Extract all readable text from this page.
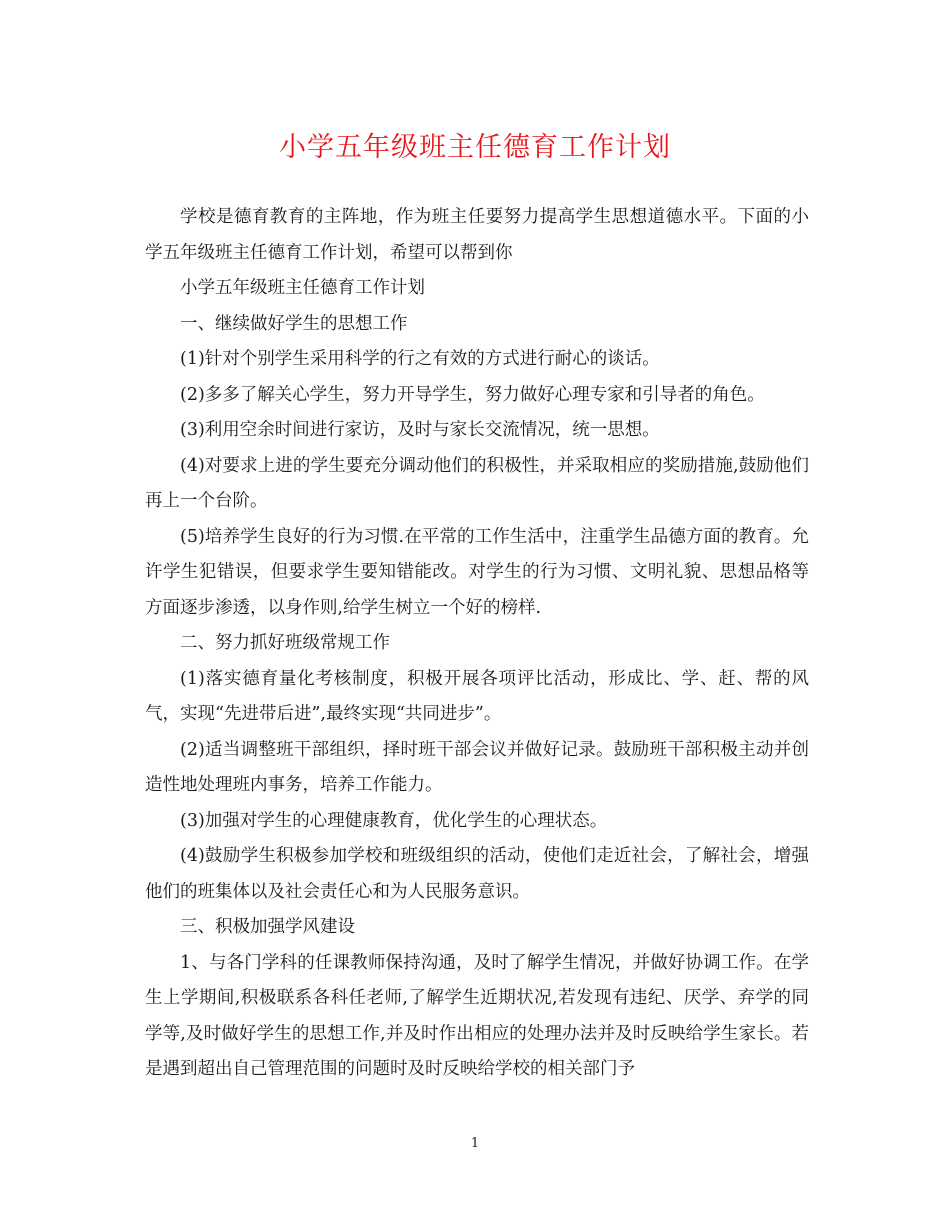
小学五年级班主任德育工作计划

学校是德育教育的主阵地，作为班主任要努力提高学生思想道德水平。下面的小学五年级班主任德育工作计划，希望可以帮到你

小学五年级班主任德育工作计划

一、继续做好学生的思想工作

(1)针对个别学生采用科学的行之有效的方式进行耐心的谈话。

(2)多多了解关心学生，努力开导学生，努力做好心理专家和引导者的角色。

(3)利用空余时间进行家访，及时与家长交流情况，统一思想。

(4)对要求上进的学生要充分调动他们的积极性，并采取相应的奖励措施,鼓励他们再上一个台阶。

(5)培养学生良好的行为习惯.在平常的工作生活中，注重学生品德方面的教育。允许学生犯错误，但要求学生要知错能改。对学生的行为习惯、文明礼貌、思想品格等方面逐步渗透，以身作则,给学生树立一个好的榜样.

二、努力抓好班级常规工作

(1)落实德育量化考核制度，积极开展各项评比活动，形成比、学、赶、帮的风气，实现“先进带后进”,最终实现“共同进步”。

(2)适当调整班干部组织，择时班干部会议并做好记录。鼓励班干部积极主动并创造性地处理班内事务，培养工作能力。

(3)加强对学生的心理健康教育，优化学生的心理状态。

(4)鼓励学生积极参加学校和班级组织的活动，使他们走近社会，了解社会，增强他们的班集体以及社会责任心和为人民服务意识。

三、积极加强学风建设

1、与各门学科的任课教师保持沟通，及时了解学生情况，并做好协调工作。在学生上学期间,积极联系各科任老师,了解学生近期状况,若发现有违纪、厌学、弃学的同学等,及时做好学生的思想工作,并及时作出相应的处理办法并及时反映给学生家长。若是遇到超出自己管理范围的问题时及时反映给学校的相关部门予

1
